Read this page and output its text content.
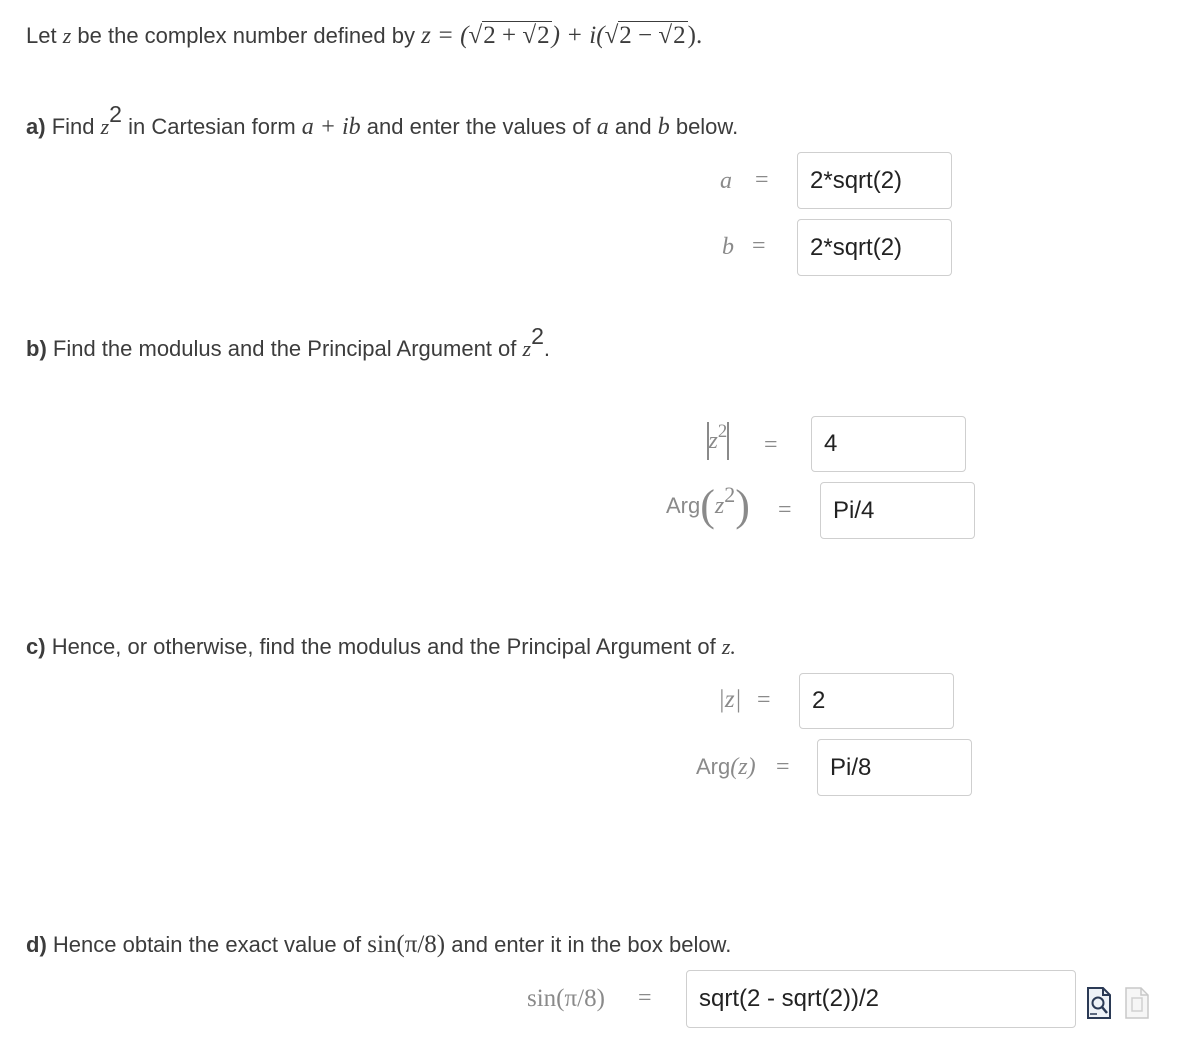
Let z be the complex number defined by z = (√2 + √2) + i(√2 − √2).
a) Find z2 in Cartesian form a + ib and enter the values of a and b below.
a = 2*sqrt(2)
b = 2*sqrt(2)
b) Find the modulus and the Principal Argument of z2.
z 2
= 4
Arg ( z 2 ) = Pi/4
c) Hence, or otherwise, find the modulus and the Principal Argument of z.
|z| = 2
Arg(z) = Pi/8
d) Hence obtain the exact value of sin(π/8) and enter it in the box below.
sin(π/8) = sqrt(2 - sqrt(2))/2
